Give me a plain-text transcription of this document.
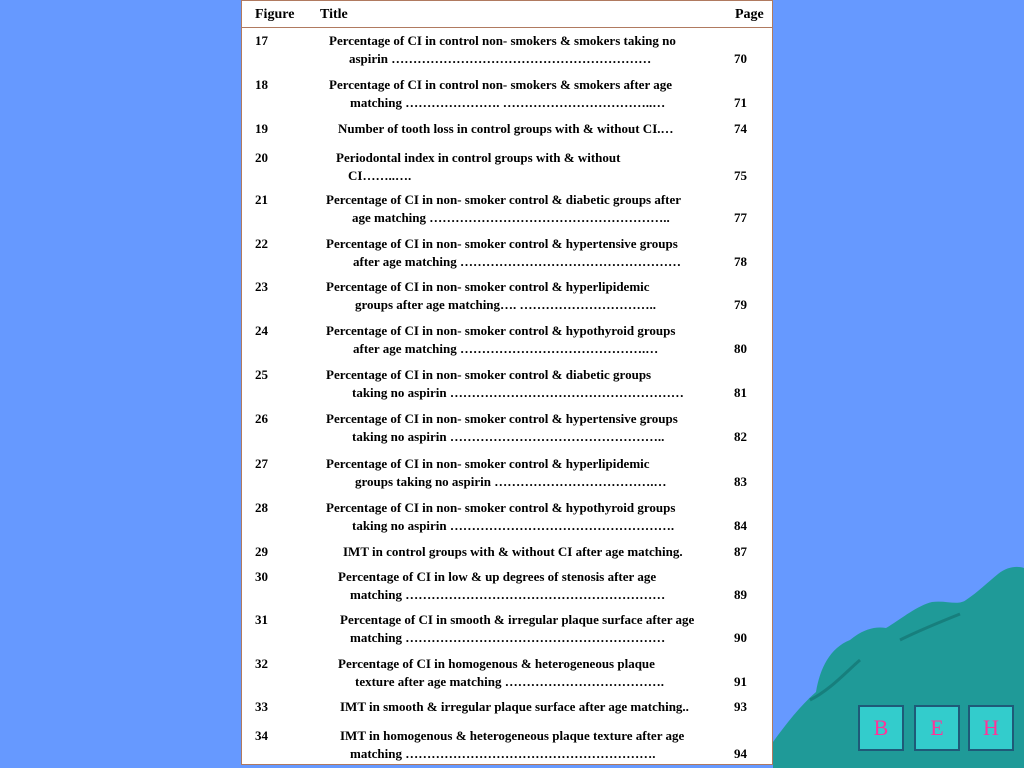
Figure Title	Page
17	Percentage of CI in control non‑ smokers & smokers taking no
aspirin ……………………………………………………	70
18	Percentage of CI in control non‑ smokers & smokers after age
matching …………………. ……………………………..…	71
19	Number of tooth loss in control groups with & without CI.…	74
20	Periodontal index in control groups with & without
CI……..….	75
21	Percentage of CI in non‑ smoker control & diabetic groups after
age matching ………………………………………………..	77
22	Percentage of CI in non‑ smoker control & hypertensive groups
after age matching ……………………………………………	78
23	Percentage of CI in non‑ smoker control & hyperlipidemic
groups after age matching…. …………………………..	79
24	Percentage of CI in non‑ smoker control & hypothyroid groups
after age matching …………………………………….…	80
25	Percentage of CI in non‑ smoker control & diabetic groups
taking no aspirin ………………………………………………	81
26	Percentage of CI in non‑ smoker control & hypertensive groups
taking no aspirin …………………………………………..	82
27	Percentage of CI in non‑ smoker control & hyperlipidemic
groups taking no aspirin ……………………………….…	83
28	Percentage of CI in non‑ smoker control & hypothyroid groups
taking no aspirin …………………………………………….	84
29	IMT in control groups with & without CI after age matching.	87
30	Percentage of CI in low & up degrees of stenosis after age
matching ……………………………………………………	89
31	Percentage of CI in smooth & irregular plaque surface after age
matching ……………………………………………………	90
32	Percentage of CI in homogenous & heterogeneous plaque
texture after age matching ……………………………….	91
33	IMT in smooth & irregular plaque surface after age matching..	93
34	IMT in homogenous & heterogeneous plaque texture after age
matching ………………………………………………….	94
B	E	H
